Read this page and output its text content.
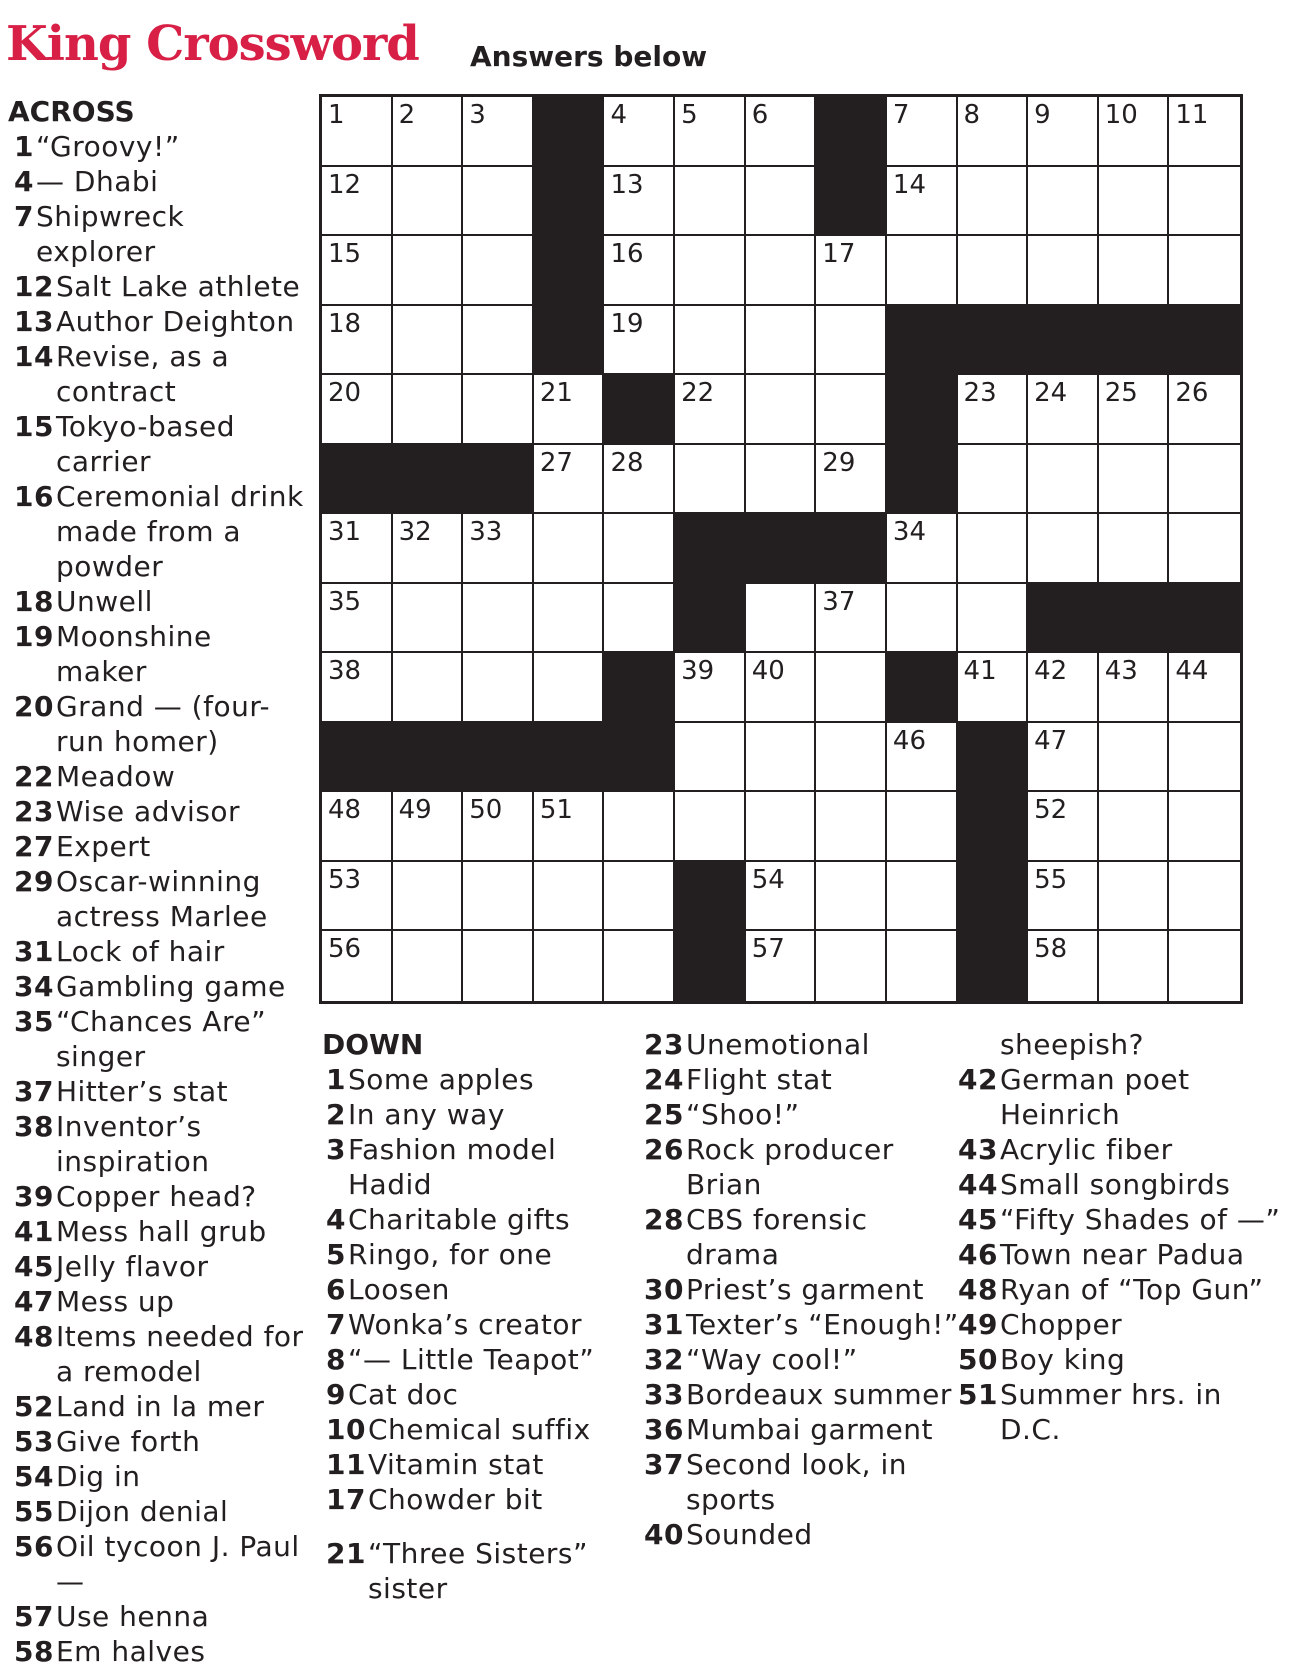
King Crossword Answers below
ACROSS
1 “Groovy!”
4 — Dhabi
7 Shipwreck explorer
12 Salt Lake athlete
13 Author Deighton
14 Revise, as a contract
15 Tokyo-based carrier
16 Ceremonial drink made from a powder
18 Unwell
19 Moonshine maker
20 Grand — (four-run homer)
22 Meadow
23 Wise advisor
27 Expert
29 Oscar-winning actress Marlee
31 Lock of hair
34 Gambling game
35 “Chances Are” singer
37 Hitter’s stat
38 Inventor’s inspiration
39 Copper head?
41 Mess hall grub
45 Jelly flavor
47 Mess up
48 Items needed for a remodel
52 Land in la mer
53 Give forth
54 Dig in
55 Dijon denial
56 Oil tycoon J. Paul —
57 Use henna
58 Em halves
1 2 3	4 5 6	7 8 9 10 11
12	13	14
15	16	17
18	19
20	21	22	23 24 25 26
27 28	29
31 32 33	34
35	37
38	39 40	41 42 43 44
46	47
48 49 50 51	52
53	54	55
56	57	58
DOWN
1 Some apples
2 In any way
3 Fashion model Hadid
4 Charitable gifts
5 Ringo, for one
6 Loosen
7 Wonka’s creator
8 “— Little Teapot”
9 Cat doc
10 Chemical suffix
11 Vitamin stat
17 Chowder bit
21 “Three Sisters” sister
23 Unemotional
24 Flight stat
25 “Shoo!”
26 Rock producer Brian
28 CBS forensic drama
30 Priest’s garment
31 Texter’s “Enough!”
32 “Way cool!”
33 Bordeaux summer
36 Mumbai garment
37 Second look, in sports
40 Sounded
sheepish?
42 German poet Heinrich
43 Acrylic fiber
44 Small songbirds
45 “Fifty Shades of —”
46 Town near Padua
48 Ryan of “Top Gun”
49 Chopper
50 Boy king
51 Summer hrs. in D.C.
